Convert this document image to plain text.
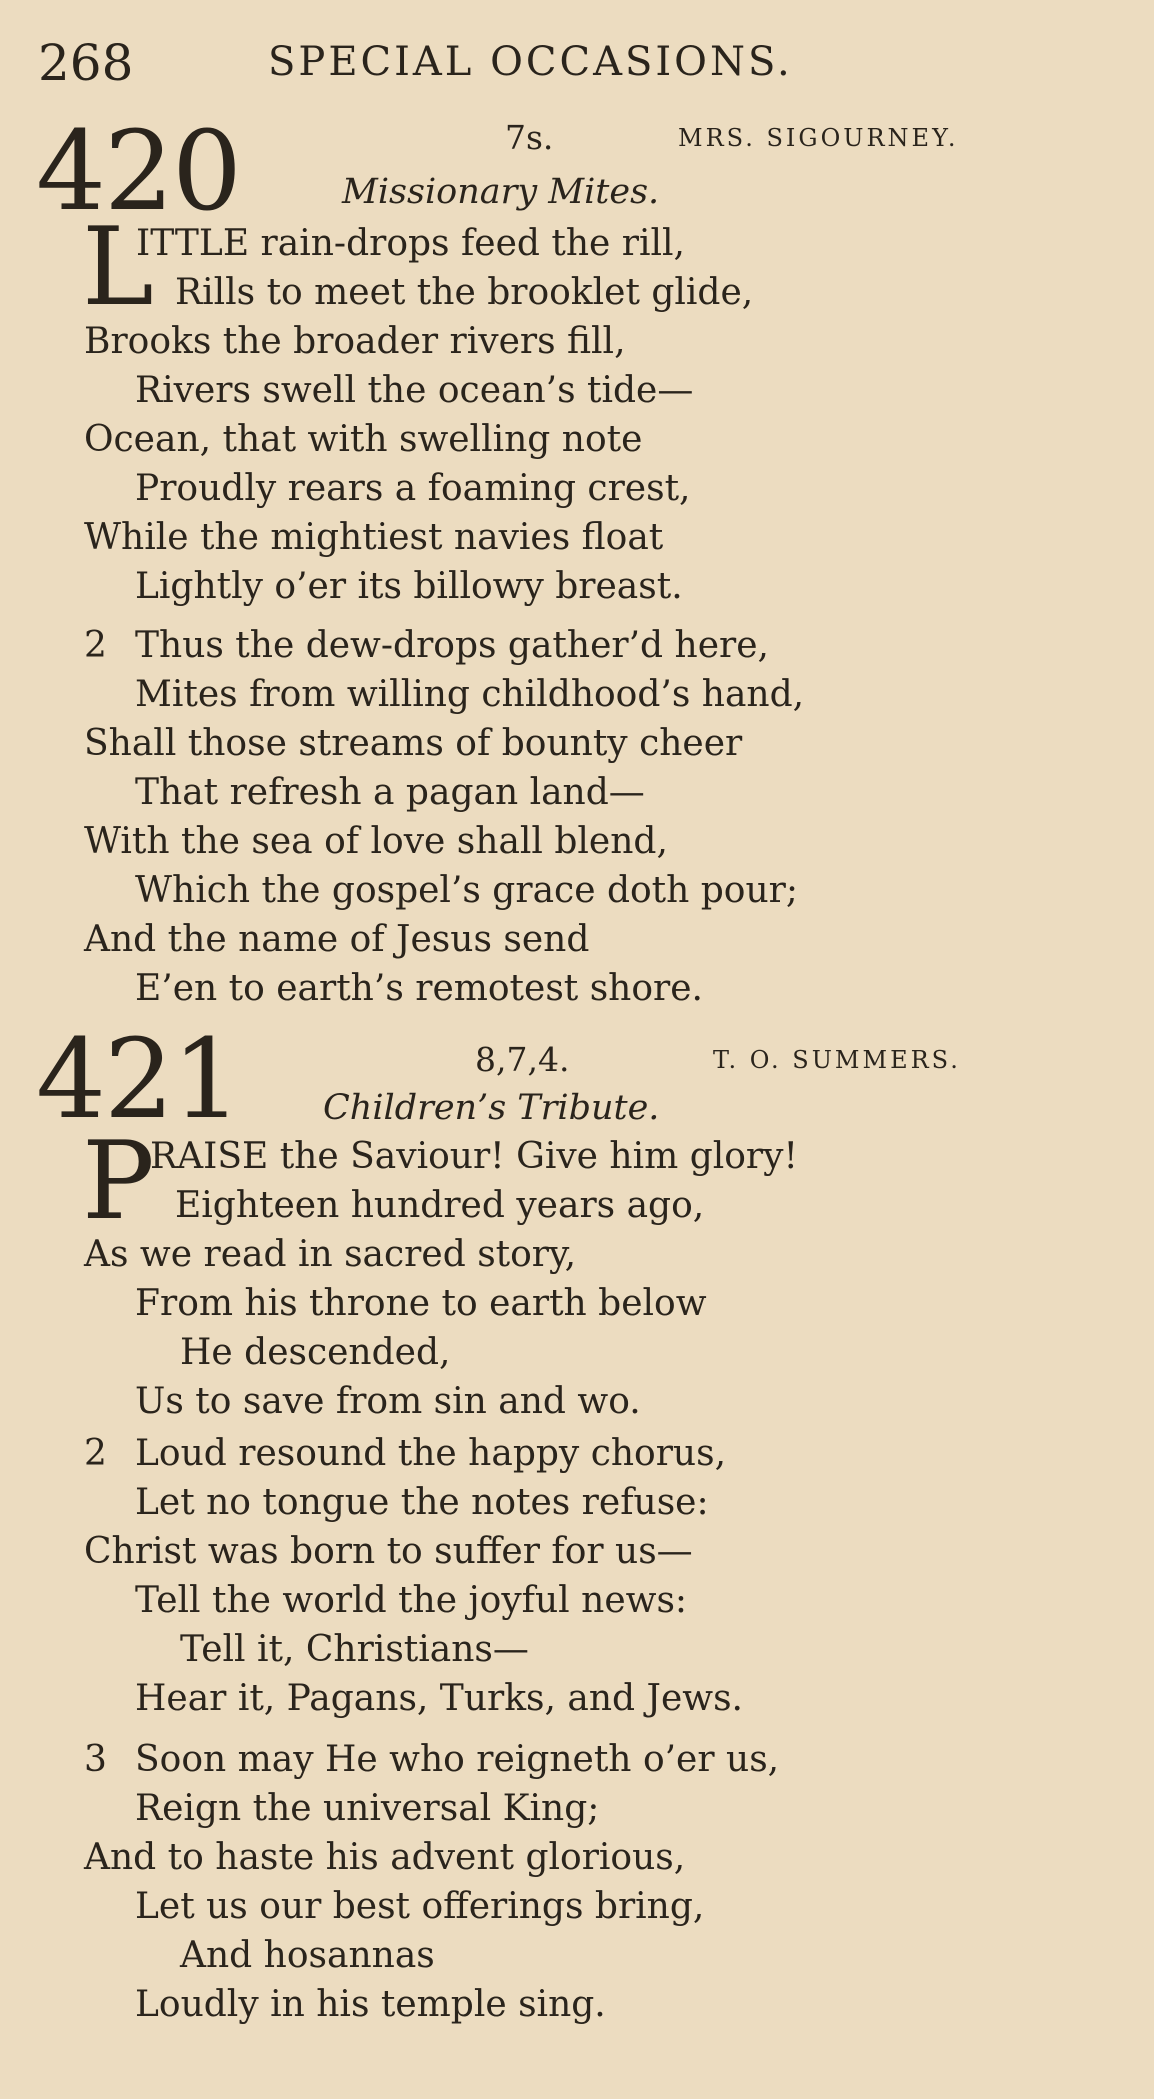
268	SPECIAL OCCASIONS.
420	7s.	MRS. SIGOURNEY.
Missionary Mites.
L
ITTLE rain-drops feed the rill,
Rills to meet the brooklet glide,
Brooks the broader rivers fill,
Rivers swell the ocean’s tide—
Ocean, that with swelling note
Proudly rears a foaming crest,
While the mightiest navies float
Lightly o’er its billowy breast.
2 Thus the dew-drops gather’d here,
Mites from willing childhood’s hand,
Shall those streams of bounty cheer
That refresh a pagan land—
With the sea of love shall blend,
Which the gospel’s grace doth pour;
And the name of Jesus send
E’en to earth’s remotest shore.
421	8,7,4.	T. O. SUMMERS.
Children’s Tribute.
P
RAISE the Saviour! Give him glory!
Eighteen hundred years ago,
As we read in sacred story,
From his throne to earth below
He descended,
Us to save from sin and wo.
2 Loud resound the happy chorus,
Let no tongue the notes refuse:
Christ was born to suffer for us—
Tell the world the joyful news:
Tell it, Christians—
Hear it, Pagans, Turks, and Jews.
3 Soon may He who reigneth o’er us,
Reign the universal King;
And to haste his advent glorious,
Let us our best offerings bring,
And hosannas
Loudly in his temple sing.
